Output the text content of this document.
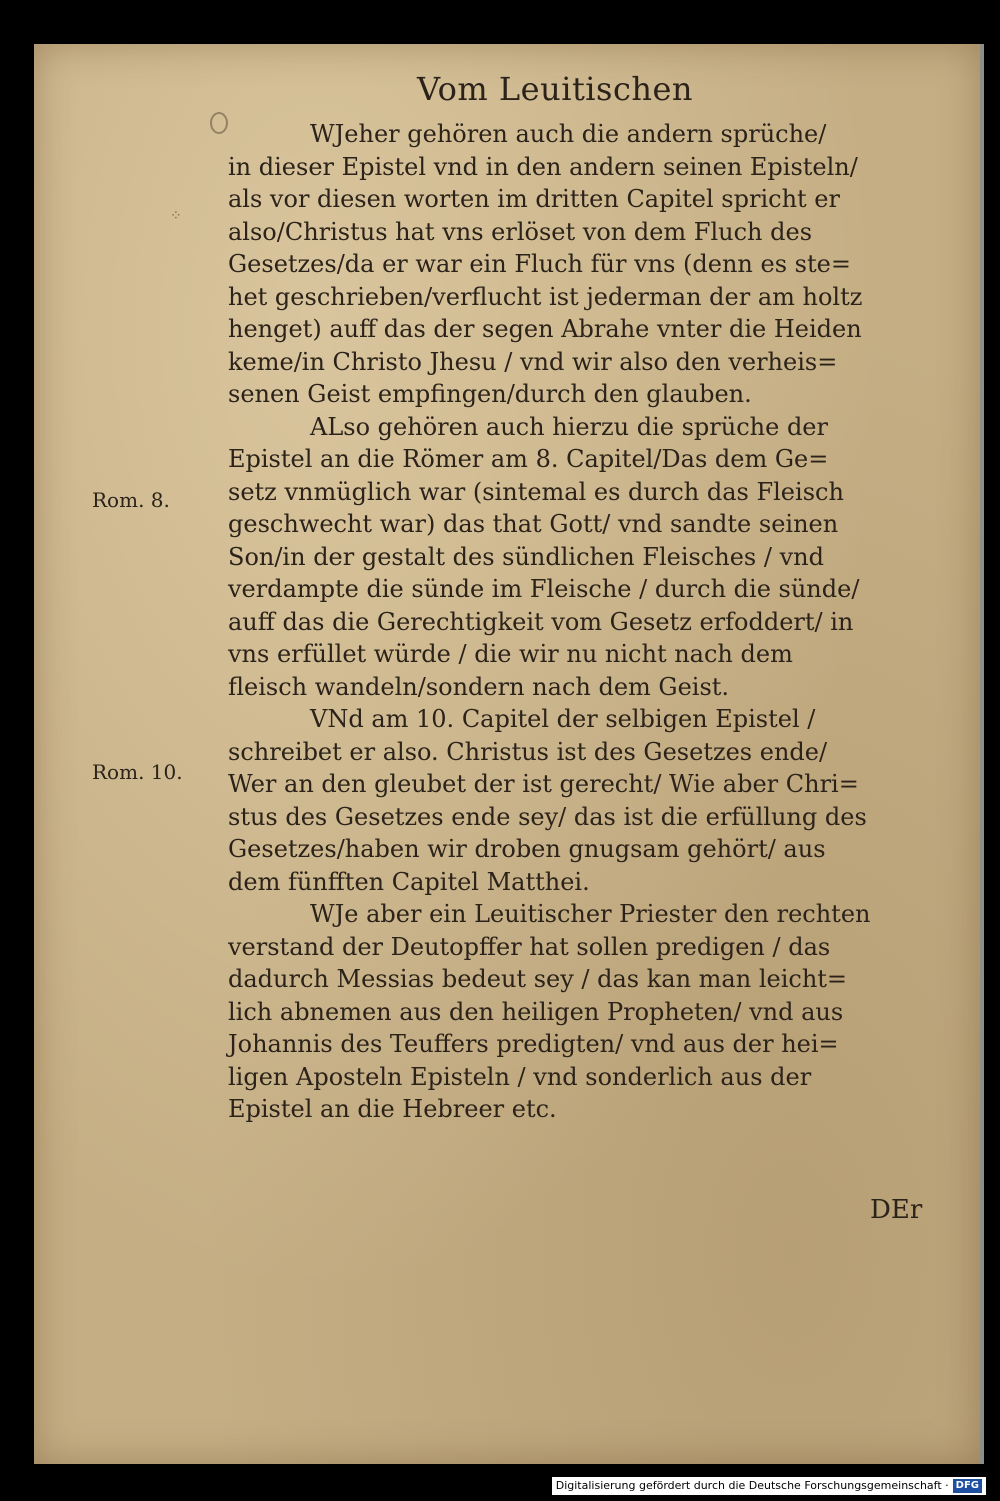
⁘
Vom Leuitischen
Rom. 8.
Rom. 10.
WJeher gehören auch die andern sprüche/
in dieser Epistel vnd in den andern seinen Episteln/
als vor diesen worten im dritten Capitel spricht er
also/Christus hat vns erlöset von dem Fluch des
Gesetzes/da er war ein Fluch für vns (denn es ste=
het geschrieben/verflucht ist jederman der am holtz
henget) auff das der segen Abrahe vnter die Heiden
keme/in Christo Jhesu / vnd wir also den verheis=
senen Geist empfingen/durch den glauben.
ALso gehören auch hierzu die sprüche der
Epistel an die Römer am 8. Capitel/Das dem Ge=
setz vnmüglich war (sintemal es durch das Fleisch
geschwecht war) das that Gott/ vnd sandte seinen
Son/in der gestalt des sündlichen Fleisches / vnd
verdampte die sünde im Fleische / durch die sünde/
auff das die Gerechtigkeit vom Gesetz erfoddert/ in
vns erfüllet würde / die wir nu nicht nach dem
fleisch wandeln/sondern nach dem Geist.
VNd am 10. Capitel der selbigen Epistel /
schreibet er also. Christus ist des Gesetzes ende/
Wer an den gleubet der ist gerecht/ Wie aber Chri=
stus des Gesetzes ende sey/ das ist die erfüllung des
Gesetzes/haben wir droben gnugsam gehört/ aus
dem fünfften Capitel Matthei.
WJe aber ein Leuitischer Priester den rechten
verstand der Deutopffer hat sollen predigen / das
dadurch Messias bedeut sey / das kan man leicht=
lich abnemen aus den heiligen Propheten/ vnd aus
Johannis des Teuffers predigten/ vnd aus der hei=
ligen Aposteln Episteln / vnd sonderlich aus der
Epistel an die Hebreer etc.
DEr
Digitalisierung gefördert durch die Deutsche Forschungsgemeinschaft · DFG
